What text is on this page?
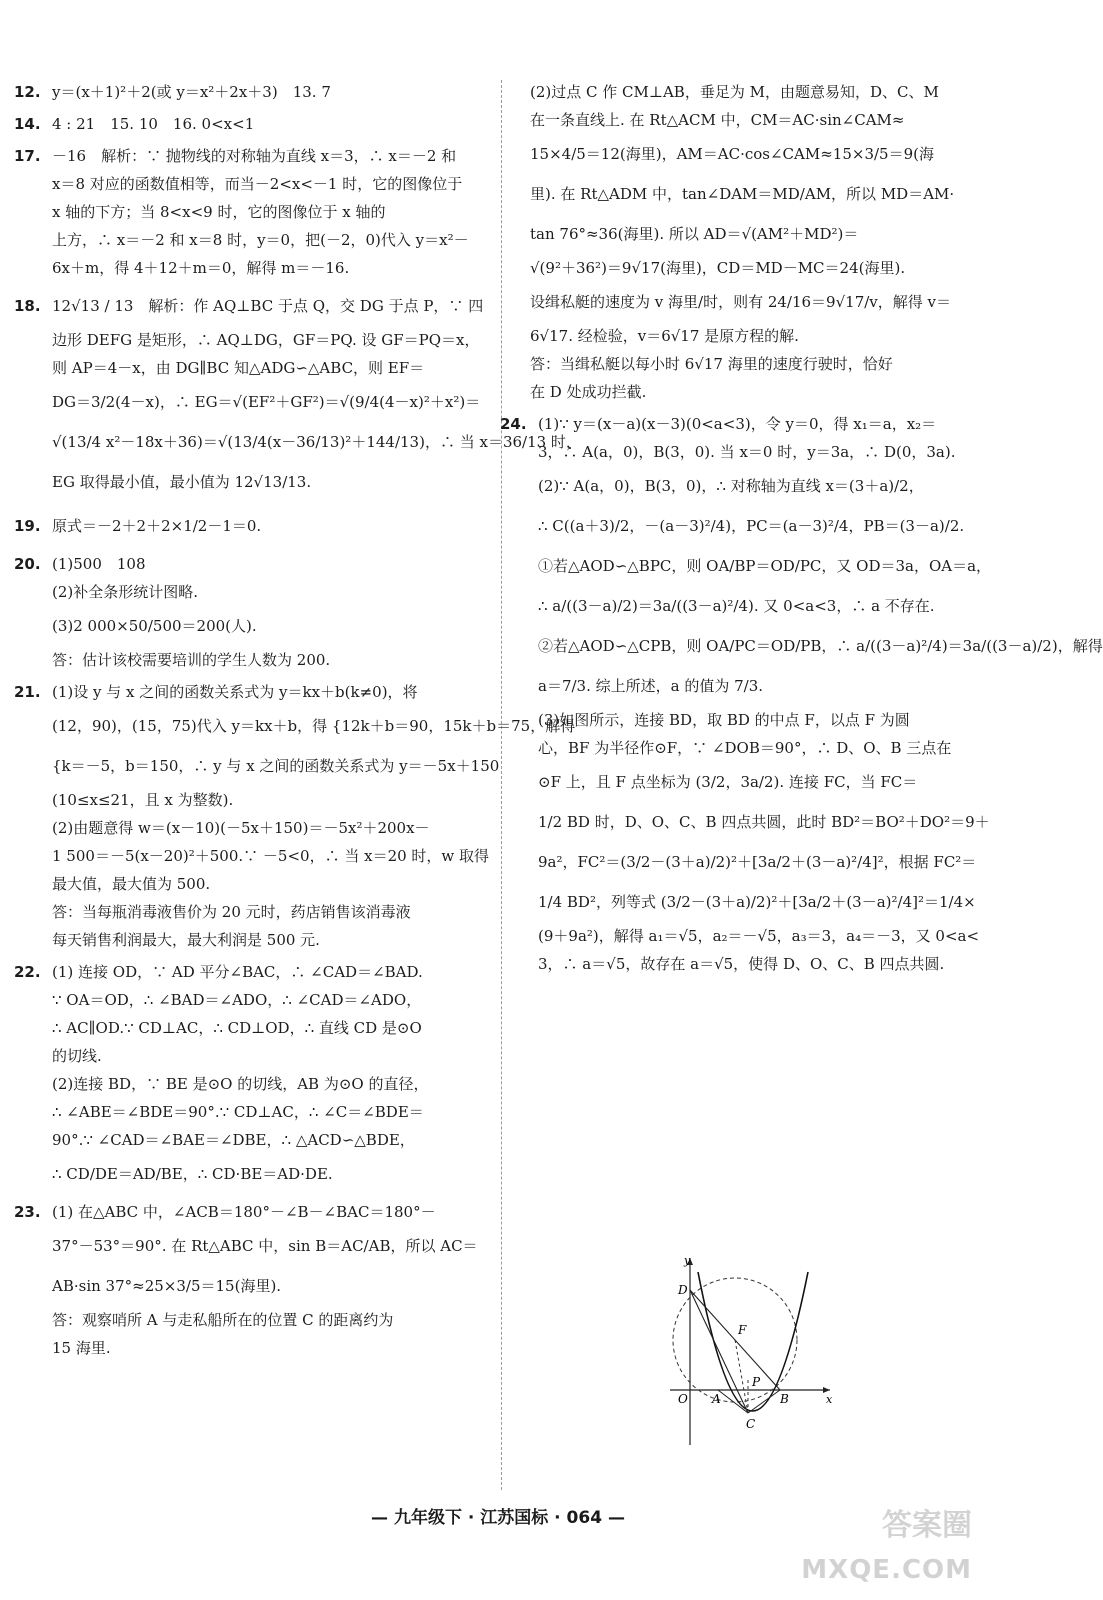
12. y＝(x＋1)²＋2(或 y＝x²＋2x＋3)　13. 7
14. 4 : 21　15. 10　16. 0<x<1
17. －16　解析：∵ 抛物线的对称轴为直线 x＝3，∴ x＝－2 和
x＝8 对应的函数值相等，而当－2<x<－1 时，它的图像位于
x 轴的下方；当 8<x<9 时，它的图像位于 x 轴的
上方，∴ x＝－2 和 x＝8 时，y＝0，把(－2，0)代入 y＝x²－
6x＋m，得 4＋12＋m＝0，解得 m＝－16.
18. 12√13 / 13　解析：作 AQ⊥BC 于点 Q，交 DG 于点 P，∵ 四
边形 DEFG 是矩形，∴ AQ⊥DG，GF＝PQ. 设 GF＝PQ＝x，
则 AP＝4－x，由 DG∥BC 知△ADG∽△ABC，则 EF＝
DG＝3/2(4－x)，∴ EG＝√(EF²＋GF²)＝√(9/4(4－x)²＋x²)＝
√(13/4 x²－18x＋36)＝√(13/4(x－36/13)²＋144/13)，∴ 当 x＝36/13 时，
EG 取得最小值，最小值为 12√13/13.
19. 原式＝－2＋2＋2×1/2－1＝0.
20. (1)500　108
(2)补全条形统计图略.
(3)2 000×50/500＝200(人).
答：估计该校需要培训的学生人数为 200.
21. (1)设 y 与 x 之间的函数关系式为 y＝kx＋b(k≠0)，将
(12，90)，(15，75)代入 y＝kx＋b，得 {12k＋b＝90，15k＋b＝75，解得
{k＝－5，b＝150，∴ y 与 x 之间的函数关系式为 y＝－5x＋150
(10≤x≤21，且 x 为整数).
(2)由题意得 w＝(x－10)(－5x＋150)＝－5x²＋200x－
1 500＝－5(x－20)²＋500.∵ －5<0，∴ 当 x＝20 时，w 取得
最大值，最大值为 500.
答：当每瓶消毒液售价为 20 元时，药店销售该消毒液
每天销售利润最大，最大利润是 500 元.
22. (1) 连接 OD，∵ AD 平分∠BAC，∴ ∠CAD＝∠BAD.
∵ OA＝OD，∴ ∠BAD＝∠ADO，∴ ∠CAD＝∠ADO，
∴ AC∥OD.∵ CD⊥AC，∴ CD⊥OD，∴ 直线 CD 是⊙O
的切线.
(2)连接 BD，∵ BE 是⊙O 的切线，AB 为⊙O 的直径，
∴ ∠ABE＝∠BDE＝90°.∵ CD⊥AC，∴ ∠C＝∠BDE＝
90°.∵ ∠CAD＝∠BAE＝∠DBE，∴ △ACD∽△BDE，
∴ CD/DE＝AD/BE，∴ CD·BE＝AD·DE.
23. (1) 在△ABC 中，∠ACB＝180°－∠B－∠BAC＝180°－
37°－53°＝90°. 在 Rt△ABC 中，sin B＝AC/AB，所以 AC＝
AB·sin 37°≈25×3/5＝15(海里).
答：观察哨所 A 与走私船所在的位置 C 的距离约为
15 海里.
(2)过点 C 作 CM⊥AB，垂足为 M，由题意易知，D、C、M
在一条直线上. 在 Rt△ACM 中，CM＝AC·sin∠CAM≈
15×4/5＝12(海里)，AM＝AC·cos∠CAM≈15×3/5＝9(海
里). 在 Rt△ADM 中，tan∠DAM＝MD/AM，所以 MD＝AM·
tan 76°≈36(海里). 所以 AD＝√(AM²＋MD²)＝
√(9²＋36²)＝9√17(海里)，CD＝MD－MC＝24(海里).
设缉私艇的速度为 v 海里/时，则有 24/16＝9√17/v，解得 v＝
6√17. 经检验，v＝6√17 是原方程的解.
答：当缉私艇以每小时 6√17 海里的速度行驶时，恰好
在 D 处成功拦截.
24. (1)∵ y＝(x－a)(x－3)(0<a<3)，令 y＝0，得 x₁＝a，x₂＝
3，∴ A(a，0)，B(3，0). 当 x＝0 时，y＝3a，∴ D(0，3a).
(2)∵ A(a，0)，B(3，0)，∴ 对称轴为直线 x＝(3＋a)/2，
∴ C((a＋3)/2，－(a－3)²/4)，PC＝(a－3)²/4，PB＝(3－a)/2.
①若△AOD∽△BPC，则 OA/BP＝OD/PC，又 OD＝3a，OA＝a，
∴ a/((3－a)/2)＝3a/((3－a)²/4). 又 0<a<3，∴ a 不存在.
②若△AOD∽△CPB，则 OA/PC＝OD/PB，∴ a/((3－a)²/4)＝3a/((3－a)/2)，解得
a＝7/3. 综上所述，a 的值为 7/3.
(3)如图所示，连接 BD，取 BD 的中点 F，以点 F 为圆
心，BF 为半径作⊙F，∵ ∠DOB＝90°，∴ D、O、B 三点在
⊙F 上，且 F 点坐标为 (3/2，3a/2). 连接 FC，当 FC＝
1/2 BD 时，D、O、C、B 四点共圆，此时 BD²＝BO²＋DO²＝9＋
9a²，FC²＝(3/2－(3＋a)/2)²＋[3a/2＋(3－a)²/4]²，根据 FC²＝
1/4 BD²，列等式 (3/2－(3＋a)/2)²＋[3a/2＋(3－a)²/4]²＝1/4×
(9＋9a²)，解得 a₁＝√5，a₂＝－√5，a₃＝3，a₄＝－3，又 0<a<
3，∴ a＝√5，故存在 a＝√5，使得 D、O、C、B 四点共圆.
y
x
D
F
O A
P
B
C
— 九年级下 · 江苏国标 · 064 —	答案圈
MXQE.COM
